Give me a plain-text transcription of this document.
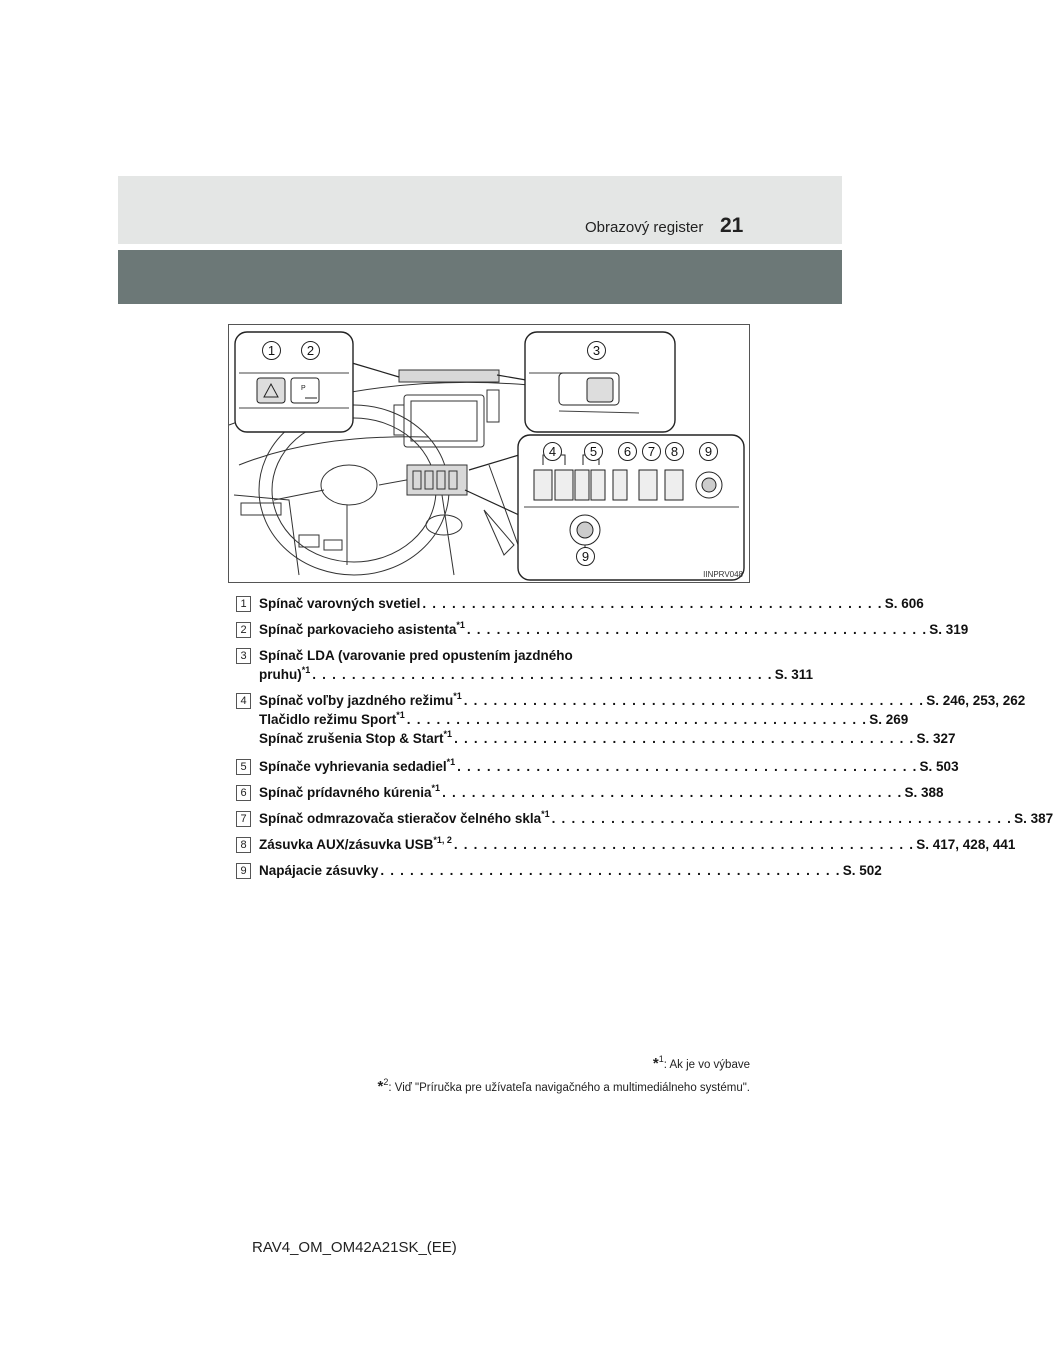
Obrazový register 21
P
1	2	3
4	5	6	7	8	9
9
IINPRV048
1 Spínač varovných svetiel . . . . . . . . . . . . . . . . . . . . . . . . . . . . . . . . . . . . . . . . . . . . . . . S. 606
2 Spínač parkovacieho asistenta$^{*1}$ . . . . . . . . . . . . . . . . . . . . . . . . . . . . . . . . . . . . . . . . . . . . . . . S. 319
3 Spínač LDA (varovanie pred opustením jazdného
pruhu)$^{*1}$ . . . . . . . . . . . . . . . . . . . . . . . . . . . . . . . . . . . . . . . . . . . . . . . S. 311
4 Spínač voľby jazdného režimu$^{*1}$ . . . . . . . . . . . . . . . . . . . . . . . . . . . . . . . . . . . . . . . . . . . . . . . S. 246, 253, 262
Tlačidlo režimu Sport$^{*1}$ . . . . . . . . . . . . . . . . . . . . . . . . . . . . . . . . . . . . . . . . . . . . . . . S. 269
Spínač zrušenia Stop & Start$^{*1}$ . . . . . . . . . . . . . . . . . . . . . . . . . . . . . . . . . . . . . . . . . . . . . . . S. 327
5 Spínače vyhrievania sedadiel$^{*1}$ . . . . . . . . . . . . . . . . . . . . . . . . . . . . . . . . . . . . . . . . . . . . . . . S. 503
6 Spínač prídavného kúrenia$^{*1}$ . . . . . . . . . . . . . . . . . . . . . . . . . . . . . . . . . . . . . . . . . . . . . . . S. 388
7 Spínač odmrazovača stieračov čelného skla$^{*1}$ . . . . . . . . . . . . . . . . . . . . . . . . . . . . . . . . . . . . . . . . . . . . . . . S. 387
8 Zásuvka AUX/zásuvka USB$^{*1, 2}$ . . . . . . . . . . . . . . . . . . . . . . . . . . . . . . . . . . . . . . . . . . . . . . . S. 417, 428, 441
9 Napájacie zásuvky . . . . . . . . . . . . . . . . . . . . . . . . . . . . . . . . . . . . . . . . . . . . . . . S. 502
*$^1$: Ak je vo výbave
*$^2$: Viď "Príručka pre užívateľa navigačného a multimediálneho systému".
RAV4_OM_OM42A21SK_(EE)
